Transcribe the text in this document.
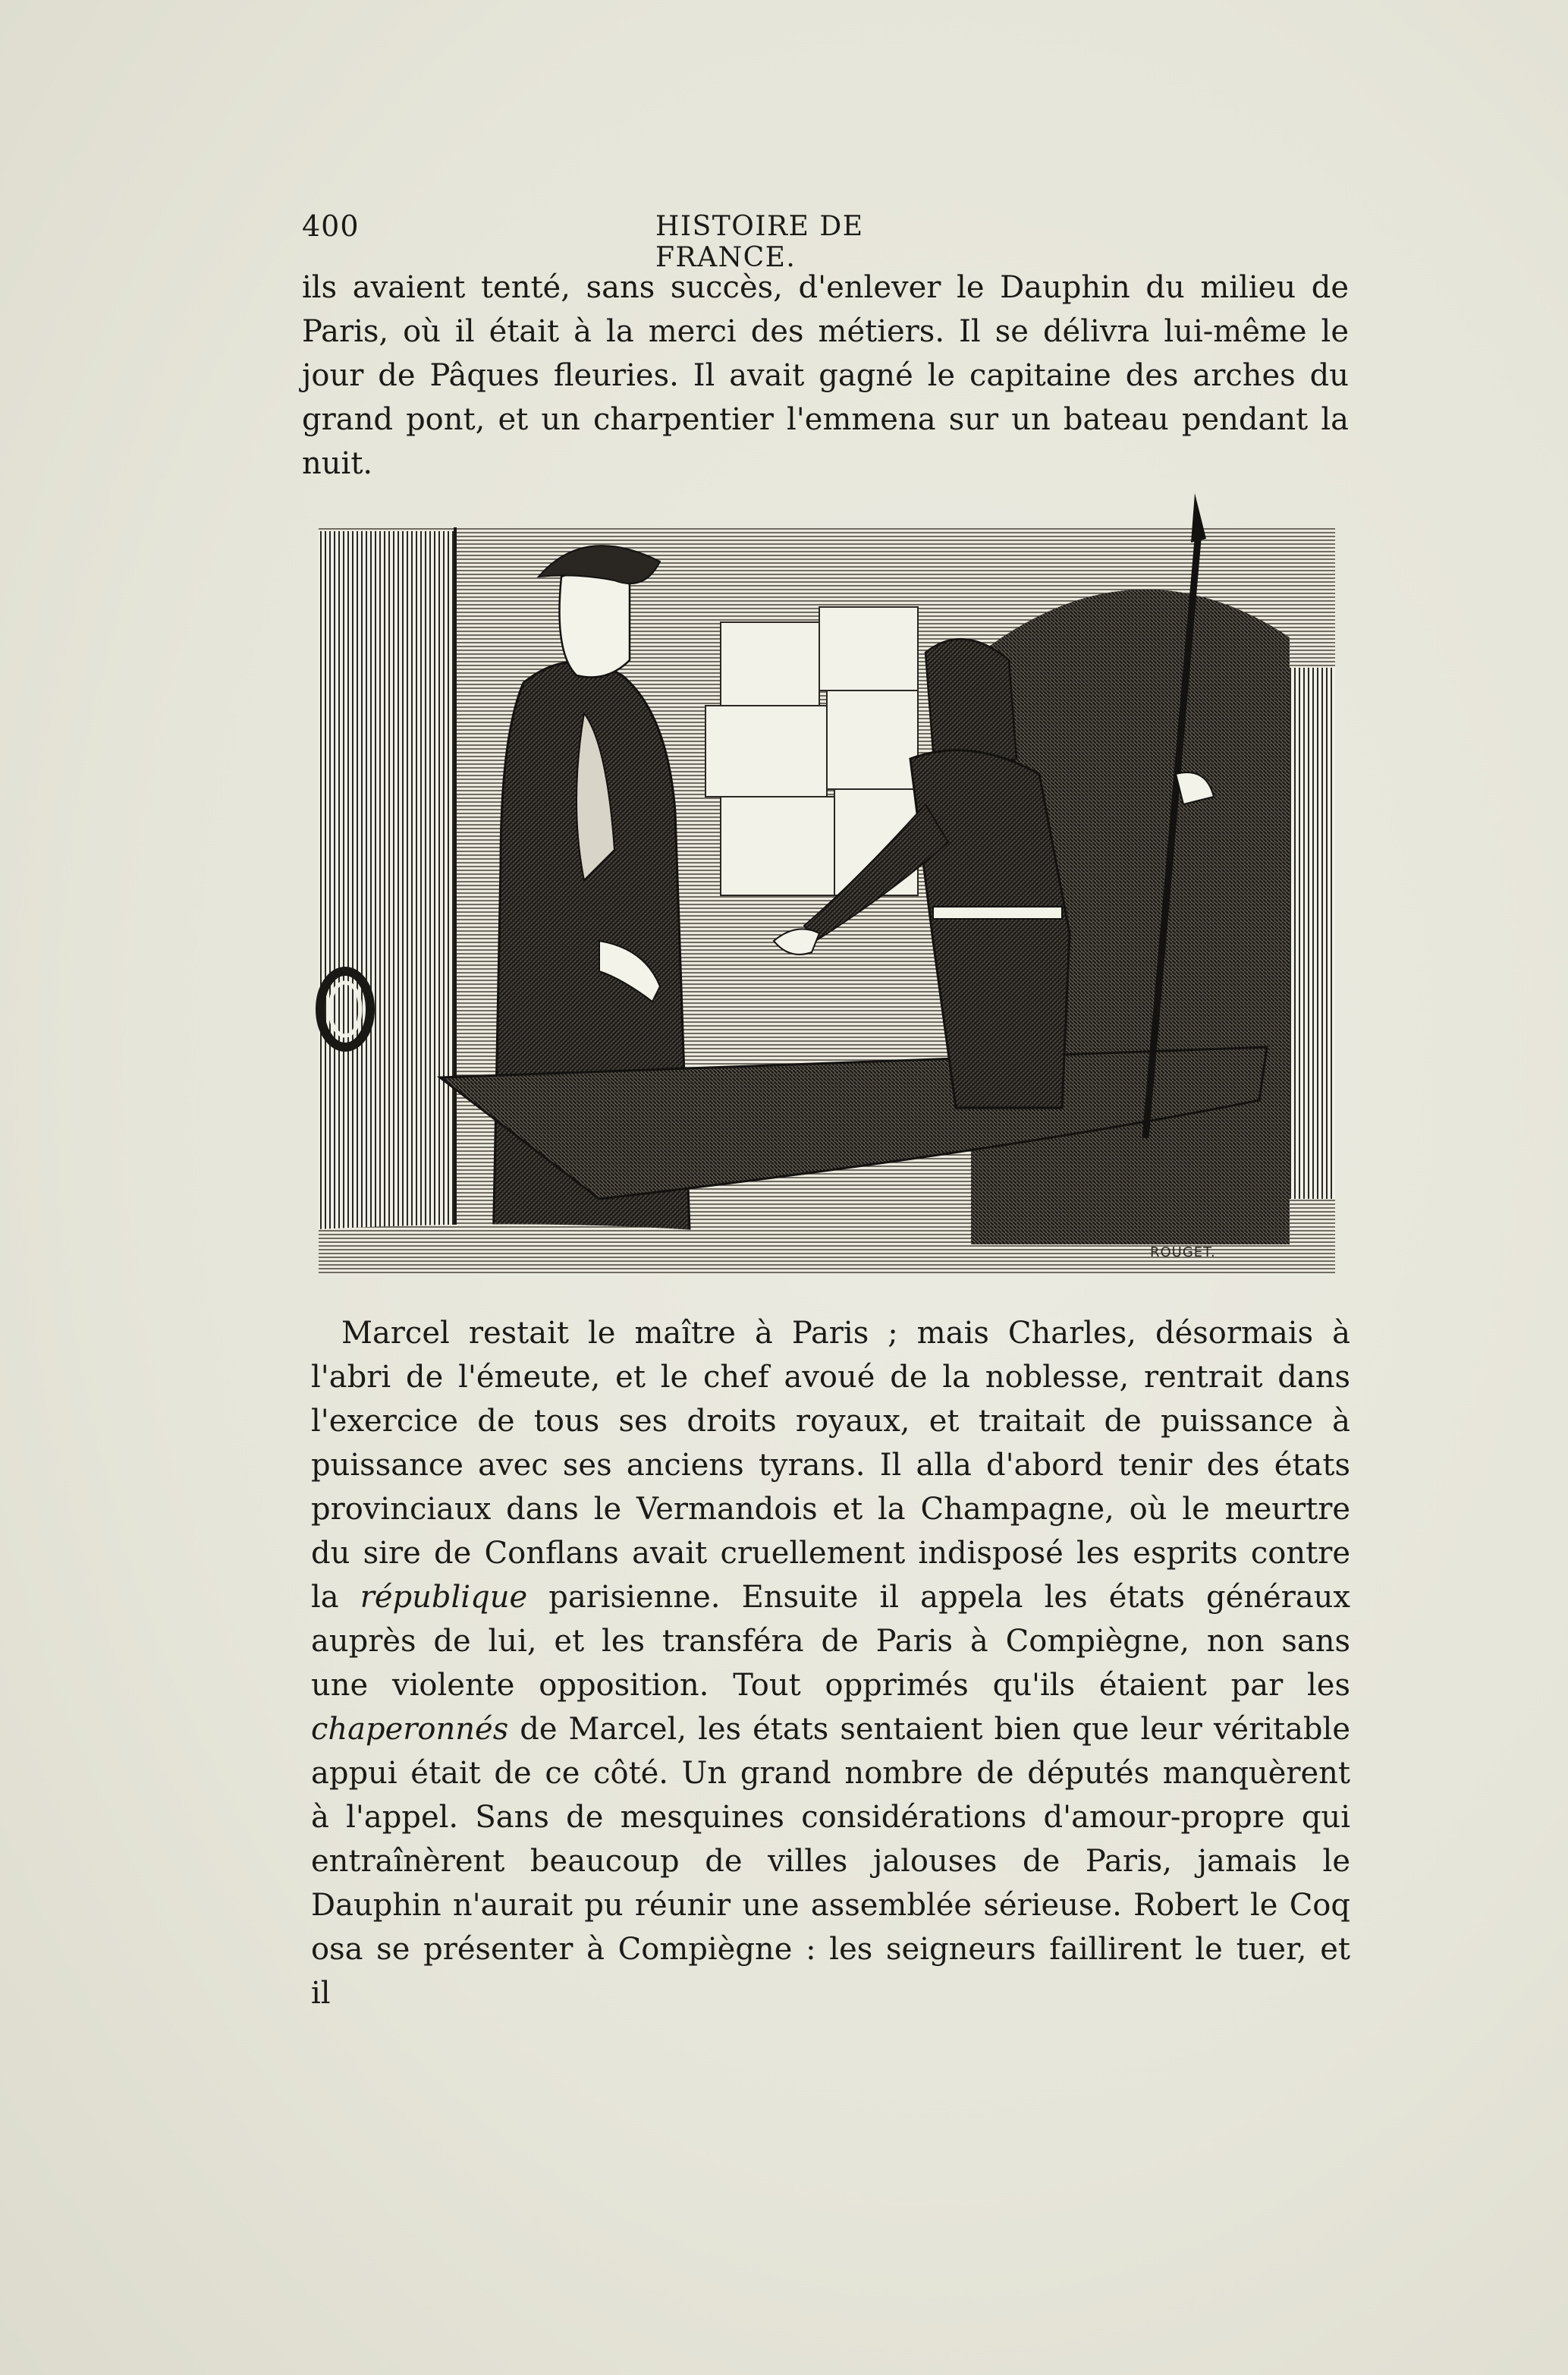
400	HISTOIRE DE FRANCE.

ils avaient tenté, sans succès, d'enlever le Dauphin du milieu de Paris, où il était à la merci des métiers. Il se délivra lui-même le jour de Pâques fleuries. Il avait gagné le capitaine des arches du grand pont, et un charpentier l'emmena sur un bateau pendant la nuit.

ROUGET.

Marcel restait le maître à Paris ; mais Charles, désormais à l'abri de l'émeute, et le chef avoué de la noblesse, rentrait dans l'exercice de tous ses droits royaux, et traitait de puissance à puissance avec ses anciens tyrans. Il alla d'abord tenir des états provinciaux dans le Vermandois et la Champagne, où le meurtre du sire de Conflans avait cruellement indisposé les esprits contre la république parisienne. Ensuite il appela les états généraux auprès de lui, et les transféra de Paris à Compiègne, non sans une violente opposition. Tout opprimés qu'ils étaient par les chaperonnés de Marcel, les états sentaient bien que leur véritable appui était de ce côté. Un grand nombre de députés manquèrent à l'appel. Sans de mesquines considérations d'amour-propre qui entraînèrent beaucoup de villes jalouses de Paris, jamais le Dauphin n'aurait pu réunir une assemblée sérieuse. Robert le Coq osa se présenter à Compiègne : les seigneurs faillirent le tuer, et il
